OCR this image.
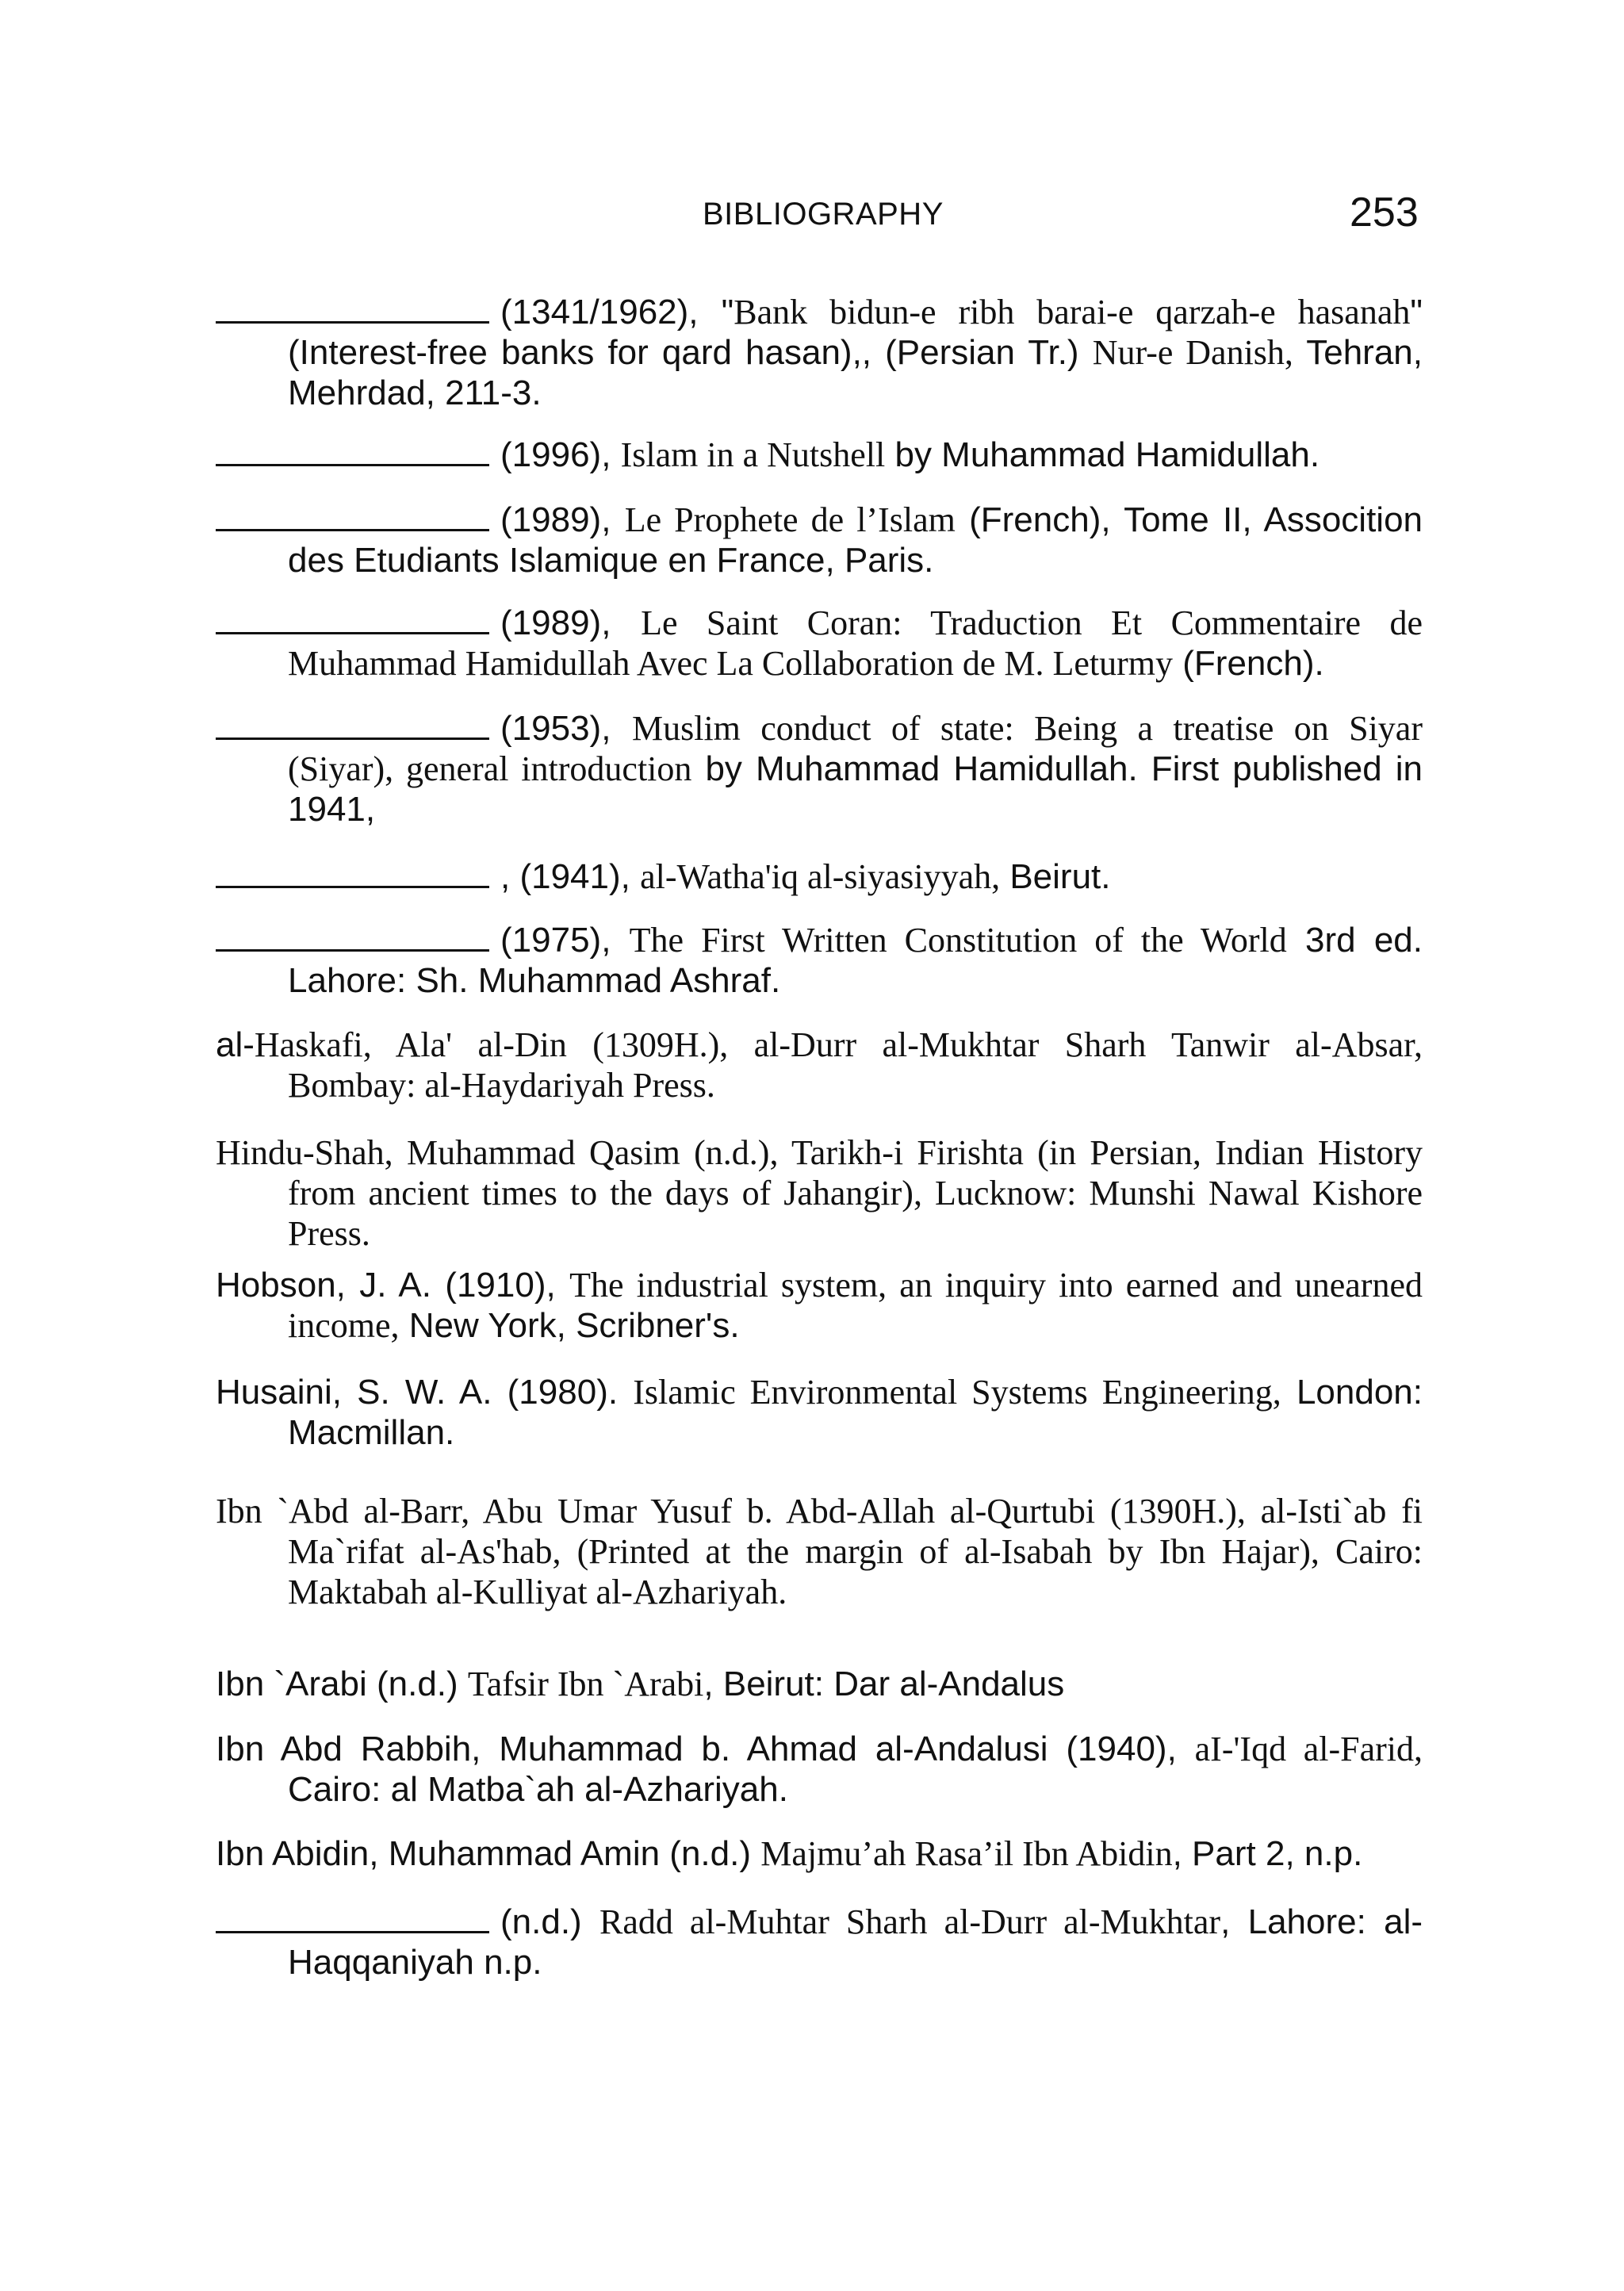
BIBLIOGRAPHY	253
(1341/1962), "Bank bidun-e ribh barai-e qarzah-e hasanah" (Interest-free banks for qard hasan),, (Persian Tr.) Nur-e Danish, Tehran, Mehrdad, 211-3.
(1996), Islam in a Nutshell by Muhammad Hamidullah.
(1989), Le Prophete de l’Islam (French), Tome II, Associtiоn des Etudiants Islamique en France, Paris.
(1989), Le Saint Coran: Traduction Et Commentaire de Muhammad Hamidullah Avec La Collaboration de M. Leturmy (French).
(1953), Muslim conduct of state: Being a treatise on Siyar (Siyar), general introduction by Muhammad Hamidullah. First published in 1941,
, (1941), al-Watha'iq al-siyasiyyah, Beirut.
(1975), The First Written Constitution of the World 3rd ed. Lahore: Sh. Muhammad Ashraf.
al-Haskafi, Ala' al-Din (1309H.), al-Durr al-Mukhtar Sharh Tanwir al-Absar, Bombay: al-Haydariyah Press.
Hindu-Shah, Muhammad Qasim (n.d.), Tarikh-i Firishta (in Persian, Indian History from ancient times to the days of Jahangir), Lucknow: Munshi Nawal Kishore Press.
Hobson, J. A. (1910), The industrial system, an inquiry into earned and unearned income, New York, Scribner's.
Husaini, S. W. A. (1980). Islamic Environmental Systems Engineering, London: Macmillan.
Ibn `Abd al-Barr, Abu Umar Yusuf b. Abd-Allah al-Qurtubi (1390H.), al-Isti`ab fi Ma`rifat al-As'hab, (Printed at the margin of al-Isabah by Ibn Hajar), Cairo: Maktabah al-Kulliyat al-Azhariyah.
Ibn `Arabi (n.d.) Tafsir Ibn `Arabi, Beirut: Dar al-Andalus
Ibn Abd Rabbih, Muhammad b. Ahmad al-Andalusi (1940), aI-'Iqd al-Farid, Cairo: al Matba`ah al-Azhariyah.
Ibn Abidin, Muhammad Amin (n.d.) Majmu’ah Rasa’il Ibn Abidin, Part 2, n.p.
(n.d.) Radd al-Muhtar Sharh al-Durr al-Mukhtar, Lahore: al-Haqqaniyah n.p.
